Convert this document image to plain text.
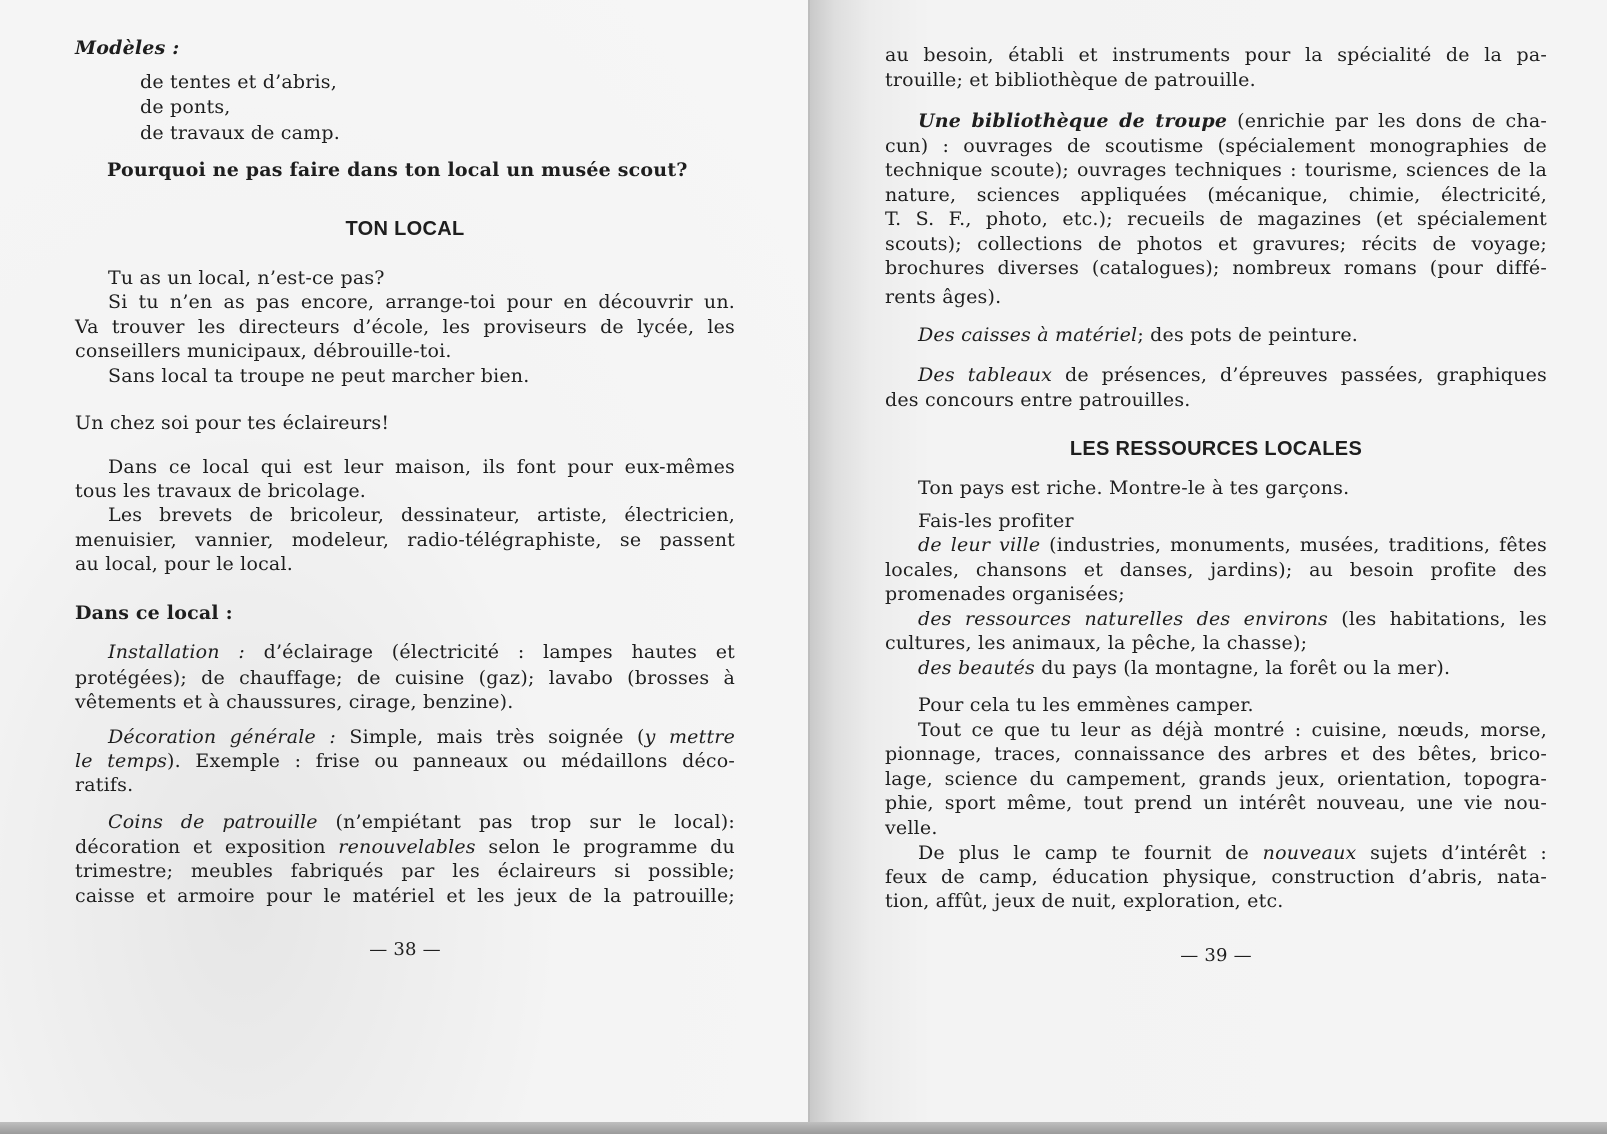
Modèles :
de tentes et d’abris,
de ponts,
de travaux de camp.
Pourquoi ne pas faire dans ton local un musée scout?
TON LOCAL
Tu as un local, n’est-ce pas?
Si tu n’en as pas encore, arrange-toi pour en découvrir un.
Va trouver les directeurs d’école, les proviseurs de lycée, les
conseillers municipaux, débrouille-toi.
Sans local ta troupe ne peut marcher bien.
Un chez soi pour tes éclaireurs!
Dans ce local qui est leur maison, ils font pour eux-mêmes
tous les travaux de bricolage.
Les brevets de bricoleur, dessinateur, artiste, électricien,
menuisier, vannier, modeleur, radio-télégraphiste, se passent
au local, pour le local.
Dans ce local :
Installation : d’éclairage (électricité : lampes hautes et
protégées); de chauffage; de cuisine (gaz); lavabo (brosses à
vêtements et à chaussures, cirage, benzine).
Décoration générale : Simple, mais très soignée (y mettre
le temps). Exemple : frise ou panneaux ou médaillons déco-
ratifs.
Coins de patrouille (n’empiétant pas trop sur le local):
décoration et exposition renouvelables selon le programme du
trimestre; meubles fabriqués par les éclaireurs si possible;
caisse et armoire pour le matériel et les jeux de la patrouille;
— 38 —
au besoin, établi et instruments pour la spécialité de la pa-
trouille; et bibliothèque de patrouille.
Une bibliothèque de troupe (enrichie par les dons de cha-
cun) : ouvrages de scoutisme (spécialement monographies de
technique scoute); ouvrages techniques : tourisme, sciences de la
nature, sciences appliquées (mécanique, chimie, électricité,
T. S. F., photo, etc.); recueils de magazines (et spécialement
scouts); collections de photos et gravures; récits de voyage;
brochures diverses (catalogues); nombreux romans (pour diffé-
rents âges).
Des caisses à matériel; des pots de peinture.
Des tableaux de présences, d’épreuves passées, graphiques
des concours entre patrouilles.
LES RESSOURCES LOCALES
Ton pays est riche. Montre-le à tes garçons.
Fais-les profiter
de leur ville (industries, monuments, musées, traditions, fêtes
locales, chansons et danses, jardins); au besoin profite des
promenades organisées;
des ressources naturelles des environs (les habitations, les
cultures, les animaux, la pêche, la chasse);
des beautés du pays (la montagne, la forêt ou la mer).
Pour cela tu les emmènes camper.
Tout ce que tu leur as déjà montré : cuisine, nœuds, morse,
pionnage, traces, connaissance des arbres et des bêtes, brico-
lage, science du campement, grands jeux, orientation, topogra-
phie, sport même, tout prend un intérêt nouveau, une vie nou-
velle.
De plus le camp te fournit de nouveaux sujets d’intérêt :
feux de camp, éducation physique, construction d’abris, nata-
tion, affût, jeux de nuit, exploration, etc.
— 39 —
